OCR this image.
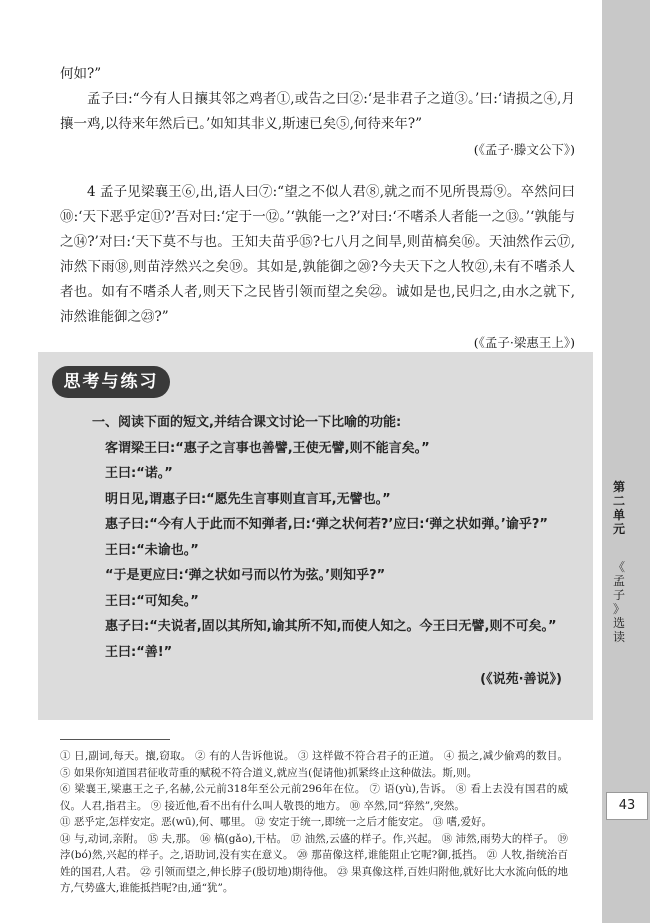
何如?”

孟子曰:“今有人日攘其邻之鸡者①,或告之曰②:‘是非君子之道③。’曰:‘请损之④,月攘一鸡,以待来年然后已。’如知其非义,斯速已矣⑤,何待来年?”

(《孟子·滕文公下》)

4 孟子见梁襄王⑥,出,语人曰⑦:“望之不似人君⑧,就之而不见所畏焉⑨。卒然问曰⑩:‘天下恶乎定⑪?’吾对曰:‘定于一⑫。’‘孰能一之?’对曰:‘不嗜杀人者能一之⑬。’‘孰能与之⑭?’对曰:‘天下莫不与也。王知夫苗乎⑮?七八月之间旱,则苗槁矣⑯。天油然作云⑰,沛然下雨⑱,则苗浡然兴之矣⑲。其如是,孰能御之⑳?今夫天下之人牧㉑,未有不嗜杀人者也。如有不嗜杀人者,则天下之民皆引领而望之矣㉒。诚如是也,民归之,由水之就下,沛然谁能御之㉓?”

(《孟子·梁惠王上》)

思考与练习

一、阅读下面的短文,并结合课文讨论一下比喻的功能:

客谓梁王曰:“惠子之言事也善譬,王使无譬,则不能言矣。”

王曰:“诺。”

明日见,谓惠子曰:“愿先生言事则直言耳,无譬也。”

惠子曰:“今有人于此而不知弹者,曰:‘弹之状何若?’应曰:‘弹之状如弹。’谕乎?”

王曰:“未谕也。”

“于是更应曰:‘弹之状如弓而以竹为弦。’则知乎?”

王曰:“可知矣。”

惠子曰:“夫说者,固以其所知,谕其所不知,而使人知之。今王曰无譬,则不可矣。”

王曰:“善!”

(《说苑·善说》)

① 日,副词,每天。攘,窃取。 ② 有的人告诉他说。 ③ 这样做不符合君子的正道。 ④ 损之,减少偷鸡的数目。 ⑤ 如果你知道国君征收苛重的赋税不符合道义,就应当(促请他)抓紧终止这种做法。斯,则。

⑥ 梁襄王,梁惠王之子,名赫,公元前318年至公元前296年在位。 ⑦ 语(yù),告诉。 ⑧ 看上去没有国君的威仪。人君,指君主。 ⑨ 接近他,看不出有什么叫人敬畏的地方。 ⑩ 卒然,同“猝然”,突然。

⑪ 恶乎定,怎样安定。恶(wū),何、哪里。 ⑫ 安定于统一,即统一之后才能安定。 ⑬ 嗜,爱好。

⑭ 与,动词,亲附。 ⑮ 夫,那。 ⑯ 槁(gǎo),干枯。 ⑰ 油然,云盛的样子。作,兴起。 ⑱ 沛然,雨势大的样子。 ⑲ 浡(bó)然,兴起的样子。之,语助词,没有实在意义。 ⑳ 那苗像这样,谁能阻止它呢?御,抵挡。 ㉑ 人牧,指统治百姓的国君,人君。 ㉒ 引领而望之,伸长脖子(殷切地)期待他。 ㉓ 果真像这样,百姓归附他,就好比大水流向低的地方,气势盛大,谁能抵挡呢?由,通“犹”。

第
二
单
元
《
孟
子
》
选
读
43
